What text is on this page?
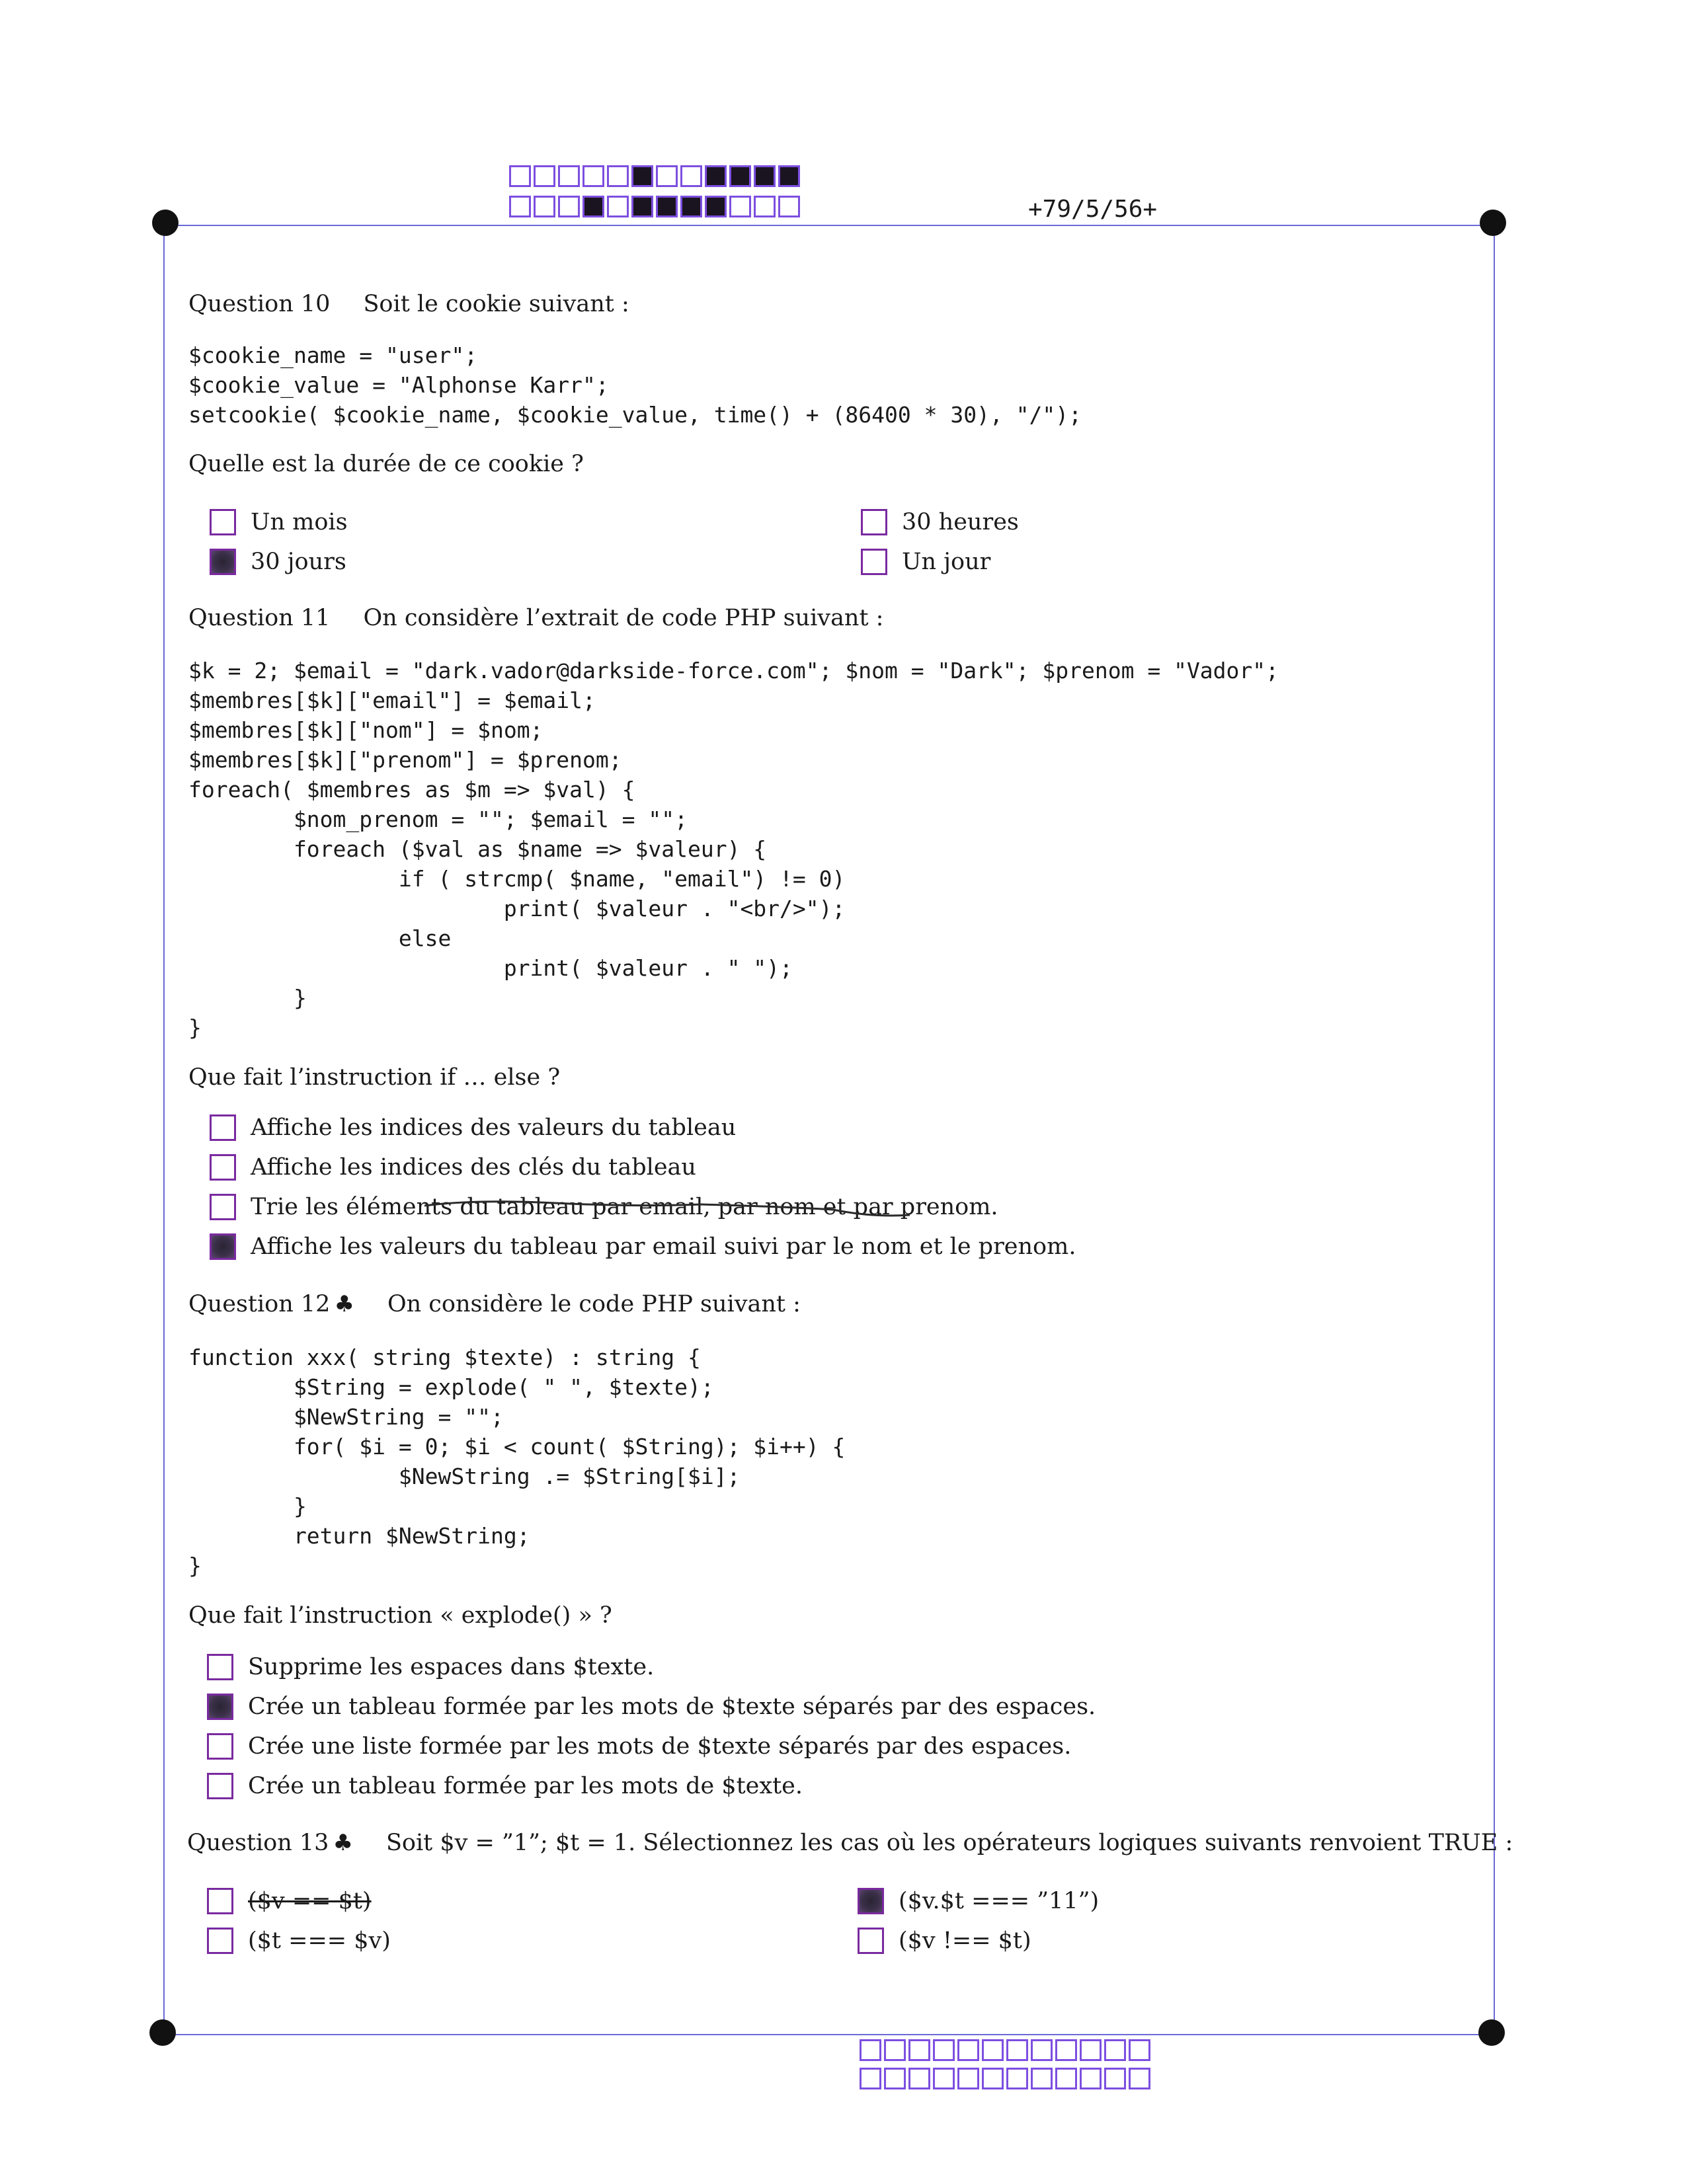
+79/5/56+
Question 10 Soit le cookie suivant :
$cookie_name = "user";
$cookie_value = "Alphonse Karr";
setcookie( $cookie_name, $cookie_value, time() + (86400 * 30), "/");
Quelle est la durée de ce cookie ?
Un mois
30 jours
30 heures
Un jour
Question 11 On considère l’extrait de code PHP suivant :
$k = 2; $email = "dark.vador@darkside-force.com"; $nom = "Dark"; $prenom = "Vador";
$membres[$k]["email"] = $email;
$membres[$k]["nom"] = $nom;
$membres[$k]["prenom"] = $prenom;
foreach( $membres as $m => $val) {
$nom_prenom = ""; $email = "";
foreach ($val as $name => $valeur) {
if ( strcmp( $name, "email") != 0)
print( $valeur . "<br/>");
else
print( $valeur . " ");
}
}
Que fait l’instruction if … else ?
Affiche les indices des valeurs du tableau
Affiche les indices des clés du tableau
Trie les éléments du tableau par email, par nom et par prenom.
Affiche les valeurs du tableau par email suivi par le nom et le prenom.
Question 12 ♣ On considère le code PHP suivant :
function xxx( string $texte) : string {
$String = explode( " ", $texte);
$NewString = "";
for( $i = 0; $i < count( $String); $i++) {
$NewString .= $String[$i];
}
return $NewString;
}
Que fait l’instruction « explode() » ?
Supprime les espaces dans $texte.
Crée un tableau formée par les mots de $texte séparés par des espaces.
Crée une liste formée par les mots de $texte séparés par des espaces.
Crée un tableau formée par les mots de $texte.
Question 13 ♣ Soit $v = ”1”; $t = 1. Sélectionnez les cas où les opérateurs logiques suivants renvoient TRUE :
($v == $t)
($t === $v)
($v.$t === ”11”)
($v !== $t)
